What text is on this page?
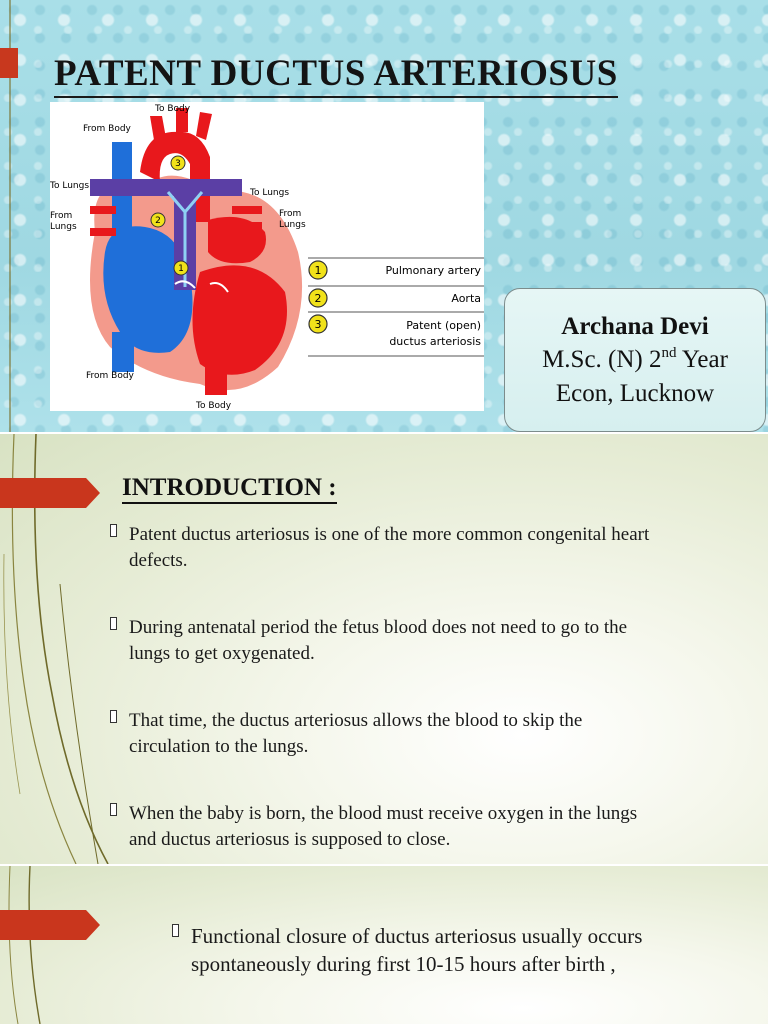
PATENT DUCTUS ARTERIOSUS
3
2
1
To Body
From Body
To Lungs
To Lungs
From
Lungs
From
Lungs
From Body
To Body
1	Pulmonary artery
2	Aorta
3	Patent (open)
ductus arteriosis
Archana Devi
M.Sc. (N) 2nd Year
Econ, Lucknow
INTRODUCTION :
Patent ductus arteriosus is one of the more common congenital heart
defects.
During antenatal period the fetus blood does not need to go to the
lungs to get oxygenated.
That time, the ductus arteriosus allows the blood to skip the
circulation to the lungs.
When the baby is born, the blood must receive oxygen in the lungs
and ductus arteriosus is supposed to close.
Functional closure of ductus arteriosus usually occurs
spontaneously during first 10-15 hours after birth ,
